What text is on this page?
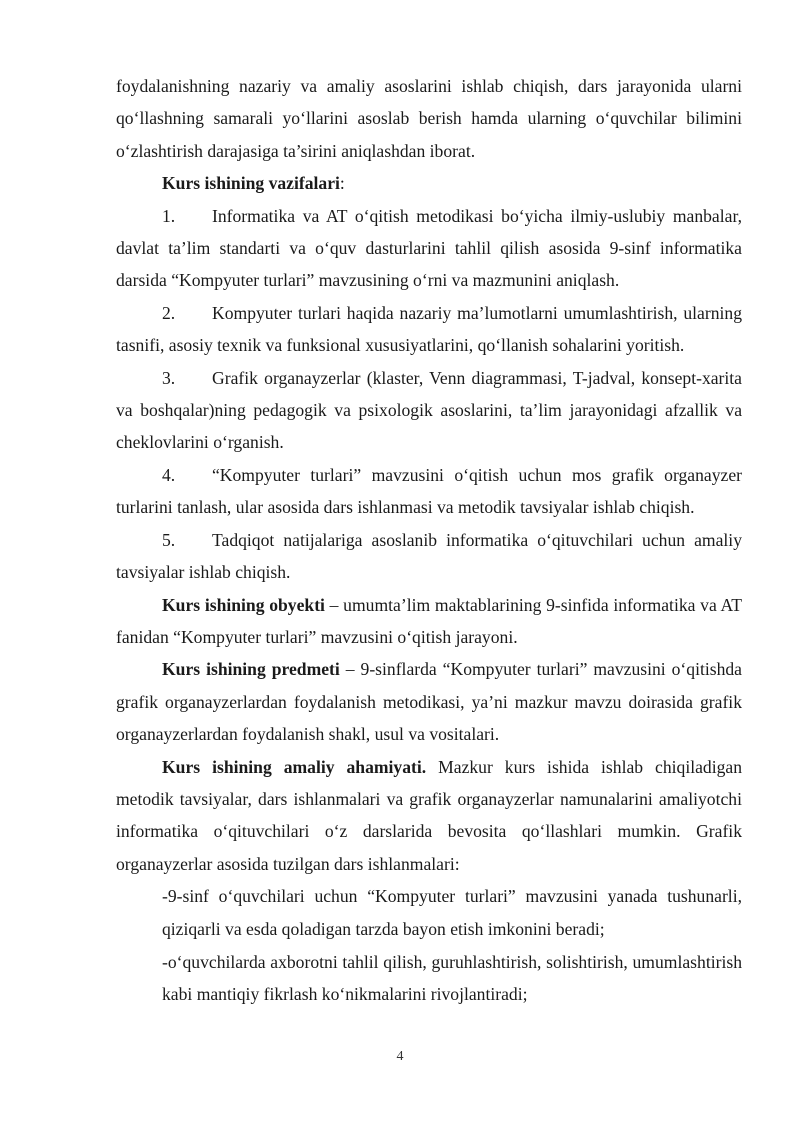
foydalanishning nazariy va amaliy asoslarini ishlab chiqish, dars jarayonida ularni qo‘llashning samarali yo‘llarini asoslab berish hamda ularning o‘quvchilar bilimini o‘zlashtirish darajasiga ta’sirini aniqlashdan iborat.

Kurs ishining vazifalari:

1. Informatika va AT o‘qitish metodikasi bo‘yicha ilmiy-uslubiy manbalar, davlat ta’lim standarti va o‘quv dasturlarini tahlil qilish asosida 9-sinf informatika darsida “Kompyuter turlari” mavzusining o‘rni va mazmunini aniqlash.

2. Kompyuter turlari haqida nazariy ma’lumotlarni umumlashtirish, ularning tasnifi, asosiy texnik va funksional xususiyatlarini, qo‘llanish sohalarini yoritish.

3. Grafik organayzerlar (klaster, Venn diagrammasi, T-jadval, konsept-xarita va boshqalar)ning pedagogik va psixologik asoslarini, ta’lim jarayonidagi afzallik va cheklovlarini o‘rganish.

4. “Kompyuter turlari” mavzusini o‘qitish uchun mos grafik organayzer turlarini tanlash, ular asosida dars ishlanmasi va metodik tavsiyalar ishlab chiqish.

5. Tadqiqot natijalariga asoslanib informatika o‘qituvchilari uchun amaliy tavsiyalar ishlab chiqish.

Kurs ishining obyekti – umumta’lim maktablarining 9-sinfida informatika va AT fanidan “Kompyuter turlari” mavzusini o‘qitish jarayoni.

Kurs ishining predmeti – 9-sinflarda “Kompyuter turlari” mavzusini o‘qitishda grafik organayzerlardan foydalanish metodikasi, ya’ni mazkur mavzu doirasida grafik organayzerlardan foydalanish shakl, usul va vositalari.

Kurs ishining amaliy ahamiyati. Mazkur kurs ishida ishlab chiqiladigan metodik tavsiyalar, dars ishlanmalari va grafik organayzerlar namunalarini amaliyotchi informatika o‘qituvchilari o‘z darslarida bevosita qo‘llashlari mumkin. Grafik organayzerlar asosida tuzilgan dars ishlanmalari:

-9-sinf o‘quvchilari uchun “Kompyuter turlari” mavzusini yanada tushunarli, qiziqarli va esda qoladigan tarzda bayon etish imkonini beradi;

-o‘quvchilarda axborotni tahlil qilish, guruhlashtirish, solishtirish, umumlashtirish kabi mantiqiy fikrlash ko‘nikmalarini rivojlantiradi;

4
